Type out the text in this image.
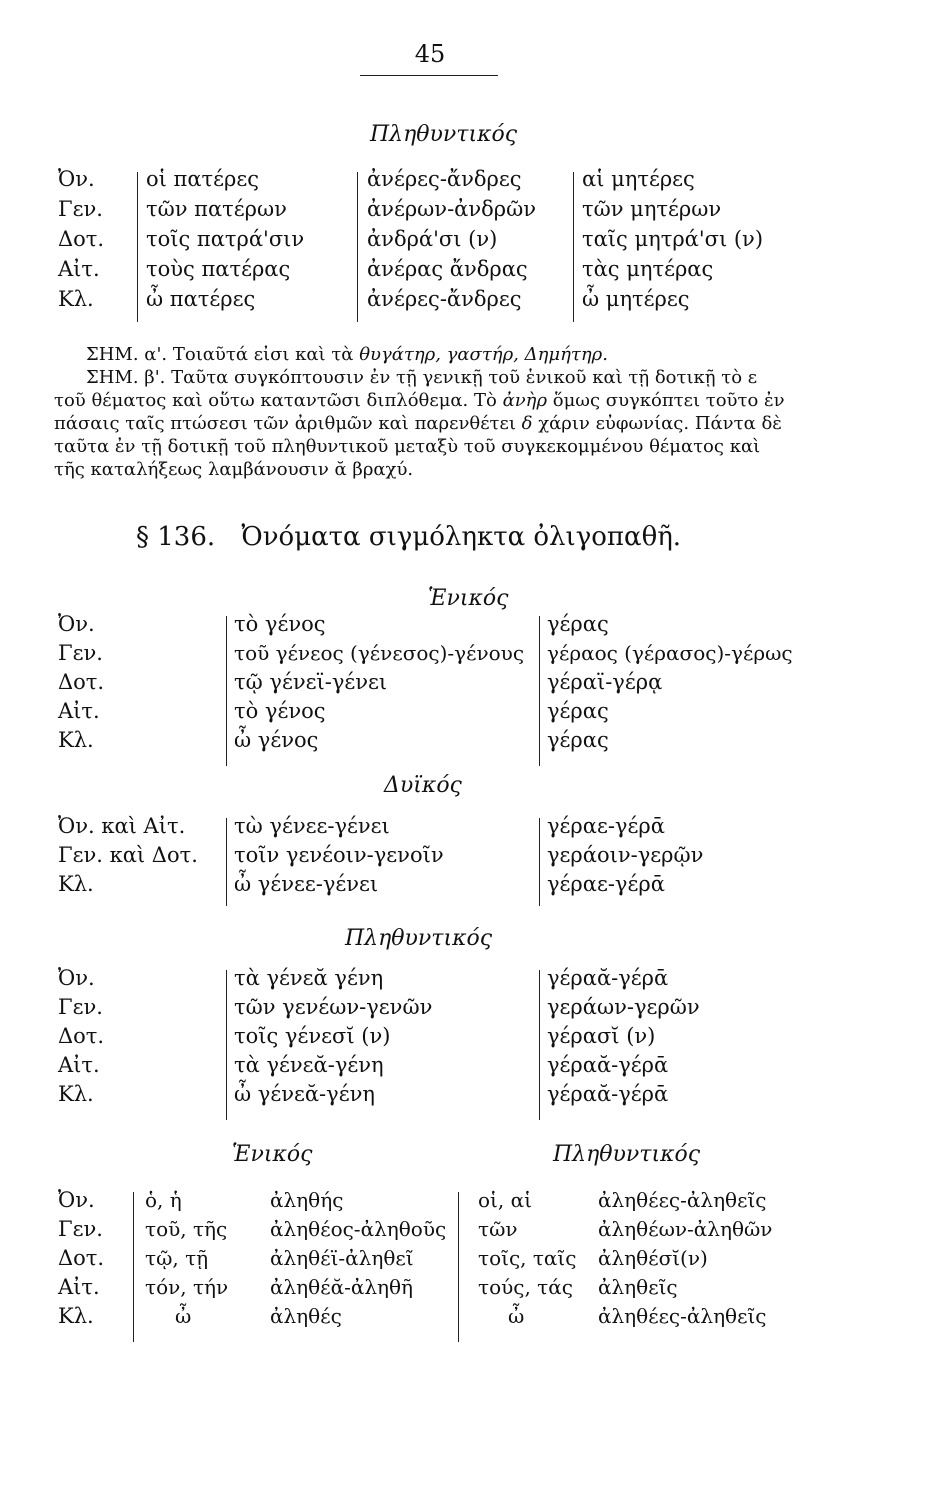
45
Πληθυντικός
Ὀν.
Γεν.
Δοτ.
Αἰτ.
Κλ.
οἱ πατέρες
τῶν πατέρων
τοῖς πατρά'σιν
τοὺς πατέρας
ὦ πατέρες
ἀνέρες-ἄνδρες
ἀνέρων-ἀνδρῶν
ἀνδρά'σι (ν)
ἀνέρας ἄνδρας
ἀνέρες-ἄνδρες
αἱ μητέρες
τῶν μητέρων
ταῖς μητρά'σι (ν)
τὰς μητέρας
ὦ μητέρες

ΣΗΜ. α'. Τοιαῦτά εἰσι καὶ τὰ θυγάτηρ, γαστήρ, Δημήτηρ.

ΣΗΜ. β'. Ταῦτα συγκόπτουσιν ἐν τῇ γενικῇ τοῦ ἑνικοῦ καὶ τῇ δοτικῇ τὸ ε τοῦ θέματος καὶ οὕτω καταντῶσι διπλόθεμα. Τὸ ἀνὴρ ὅμως συγκόπτει τοῦτο ἐν πάσαις ταῖς πτώσεσι τῶν ἀριθμῶν καὶ παρενθέτει δ χάριν εὐφωνίας. Πάντα δὲ ταῦτα ἐν τῇ δοτικῇ τοῦ πληθυντικοῦ μεταξὺ τοῦ συγκεκομμένου θέματος καὶ τῆς καταλήξεως λαμβάνουσιν ᾰ βραχύ.

§ 136. Ὀνόματα σιγμόληκτα ὀλιγοπαθῆ.
Ἑνικός
Ὀν.
Γεν.
Δοτ.
Αἰτ.
Κλ.
τὸ γένος
τοῦ γένεος (γένεσος)-γένους
τῷ γένεϊ-γένει
τὸ γένος
ὦ γένος
γέρας
γέραος (γέρασος)-γέρως
γέραϊ-γέρᾳ
γέρας
γέρας
Δυϊκός
Ὀν. καὶ Αἰτ.
Γεν. καὶ Δοτ.
Κλ.
τὼ γένεε-γένει
τοῖν γενέοιν-γενοῖν
ὦ γένεε-γένει
γέραε-γέρᾱ
γεράοιν-γερῷν
γέραε-γέρᾱ
Πληθυντικός
Ὀν.
Γεν.
Δοτ.
Αἰτ.
Κλ.
τὰ γένεᾰ γένη
τῶν γενέων-γενῶν
τοῖς γένεσῐ (ν)
τὰ γένεᾰ-γένη
ὦ γένεᾰ-γένη
γέραᾰ-γέρᾱ
γεράων-γερῶν
γέρασῐ (ν)
γέραᾰ-γέρᾱ
γέραᾰ-γέρᾱ
Ἑνικός	Πληθυντικός
Ὀν.
Γεν.
Δοτ.
Αἰτ.
Κλ.
ὁ, ἡ
τοῦ, τῆς
τῷ, τῇ
τόν, τήν
ὦ
ἀληθής
ἀληθέος-ἀληθοῦς
ἀληθέϊ-ἀληθεῖ
ἀληθέᾰ-ἀληθῆ
ἀληθές
οἱ, αἱ
τῶν
τοῖς, ταῖς
τούς, τάς
ὦ
ἀληθέες-ἀληθεῖς
ἀληθέων-ἀληθῶν
ἀληθέσῐ(ν)
ἀληθεῖς
ἀληθέες-ἀληθεῖς
